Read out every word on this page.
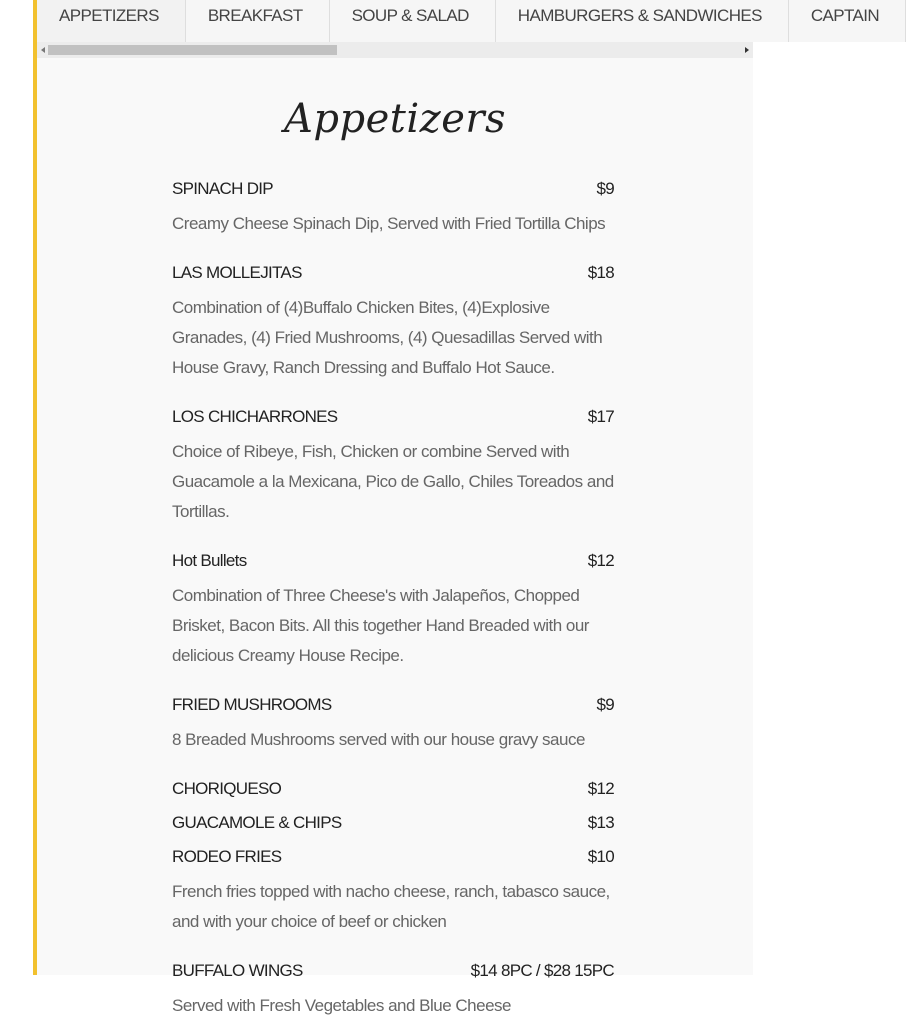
APPETIZERS	BREAKFAST	SOUP & SALAD	HAMBURGERS & SANDWICHES	CAPTAIN
Appetizers
SPINACH DIP	$9
Creamy Cheese Spinach Dip, Served with Fried Tortilla Chips
LAS MOLLEJITAS	$18
Combination of (4)Buffalo Chicken Bites, (4)Explosive Granades, (4) Fried Mushrooms, (4) Quesadillas Served with House Gravy, Ranch Dressing and Buffalo Hot Sauce.
LOS CHICHARRONES	$17
Choice of Ribeye, Fish, Chicken or combine Served with Guacamole a la Mexicana, Pico de Gallo, Chiles Toreados and Tortillas.
Hot Bullets	$12
Combination of Three Cheese's with Jalapeños, Chopped Brisket, Bacon Bits. All this together Hand Breaded with our delicious Creamy House Recipe.
FRIED MUSHROOMS	$9
8 Breaded Mushrooms served with our house gravy sauce
CHORIQUESO	$12
GUACAMOLE & CHIPS	$13
RODEO FRIES	$10
French fries topped with nacho cheese, ranch, tabasco sauce, and with your choice of beef or chicken
BUFFALO WINGS	$14 8PC / $28 15PC
Served with Fresh Vegetables and Blue Cheese
